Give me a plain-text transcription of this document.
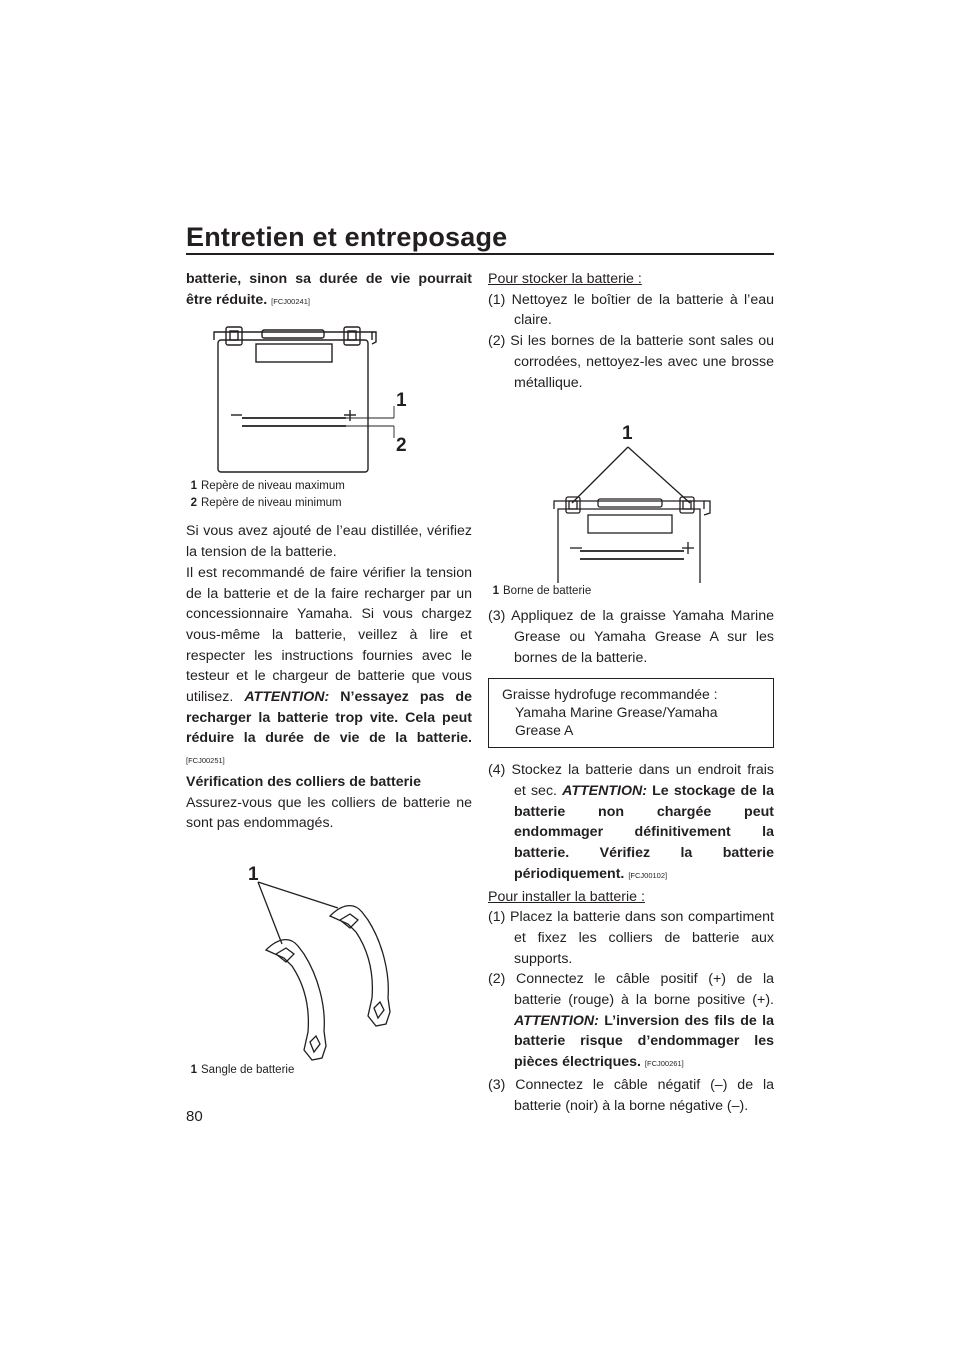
Entretien et entreposage

batterie, sinon sa durée de vie pourrait être réduite. [FCJ00241]

1
2
1 Repère de niveau maximum
2 Repère de niveau minimum

Si vous avez ajouté de l’eau distillée, vérifiez la tension de la batterie.

Il est recommandé de faire vérifier la tension de la batterie et de la faire recharger par un concessionnaire Yamaha. Si vous chargez vous-même la batterie, veillez à lire et respecter les instructions fournies avec le testeur et le chargeur de batterie que vous utilisez. ATTENTION: N’essayez pas de recharger la batterie trop vite. Cela peut réduire la durée de vie de la batterie. [FCJ00251]

Vérification des colliers de batterie

Assurez-vous que les colliers de batterie ne sont pas endommagés.

1
1 Sangle de batterie

Pour stocker la batterie :

(1) Nettoyez le boîtier de la batterie à l’eau claire.

(2) Si les bornes de la batterie sont sales ou corrodées, nettoyez-les avec une brosse métallique.

1
1 Borne de batterie

(3) Appliquez de la graisse Yamaha Marine Grease ou Yamaha Grease A sur les bornes de la batterie.

Graisse hydrofuge recommandée :
Yamaha Marine Grease/Yamaha
Grease A

(4) Stockez la batterie dans un endroit frais et sec. ATTENTION: Le stockage de la batterie non chargée peut endommager définitivement la batterie. Vérifiez la batterie périodiquement. [FCJ00102]

Pour installer la batterie :

(1) Placez la batterie dans son compartiment et fixez les colliers de batterie aux supports.

(2) Connectez le câble positif (+) de la batterie (rouge) à la borne positive (+). ATTENTION: L’inversion des fils de la batterie risque d’endommager les pièces électriques. [FCJ00261]

(3) Connectez le câble négatif (–) de la batterie (noir) à la borne négative (–).

80
